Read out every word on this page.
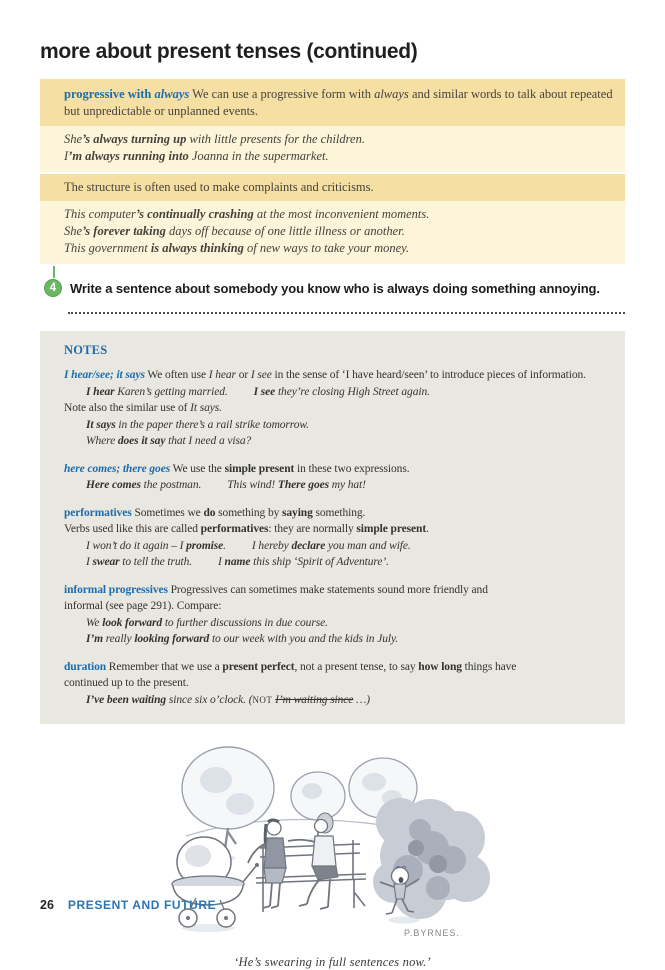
more about present tenses (continued)

progressive with always We can use a progressive form with always and similar words to talk about repeated but unpredictable or unplanned events.

She’s always turning up with little presents for the children.

I’m always running into Joanna in the supermarket.

The structure is often used to make complaints and criticisms.

This computer’s continually crashing at the most inconvenient moments.

She’s forever taking days off because of one little illness or another.

This government is always thinking of new ways to take your money.

4	Write a sentence about somebody you know who is always doing something annoying.
NOTES

I hear/see; it says We often use I hear or I see in the sense of ‘I have heard/seen’ to introduce pieces of information.

I hear Karen’s getting married. I see they’re closing High Street again.

Note also the similar use of It says.

It says in the paper there’s a rail strike tomorrow.

Where does it say that I need a visa?

here comes; there goes We use the simple present in these two expressions.

Here comes the postman. This wind! There goes my hat!

performatives Sometimes we do something by saying something.

Verbs used like this are called performatives: they are normally simple present.

I won’t do it again – I promise. I hereby declare you man and wife.

I swear to tell the truth. I name this ship ‘Spirit of Adventure’.

informal progressives Progressives can sometimes make statements sound more friendly and

informal (see page 291). Compare:

We look forward to further discussions in due course.

I’m really looking forward to our week with you and the kids in July.

duration Remember that we use a present perfect, not a present tense, to say how long things have

continued up to the present.

I’ve been waiting since six o’clock. (NOT I’m waiting since …)

P.BYRNES.
‘He’s swearing in full sentences now.’
26 PRESENT AND FUTURE
